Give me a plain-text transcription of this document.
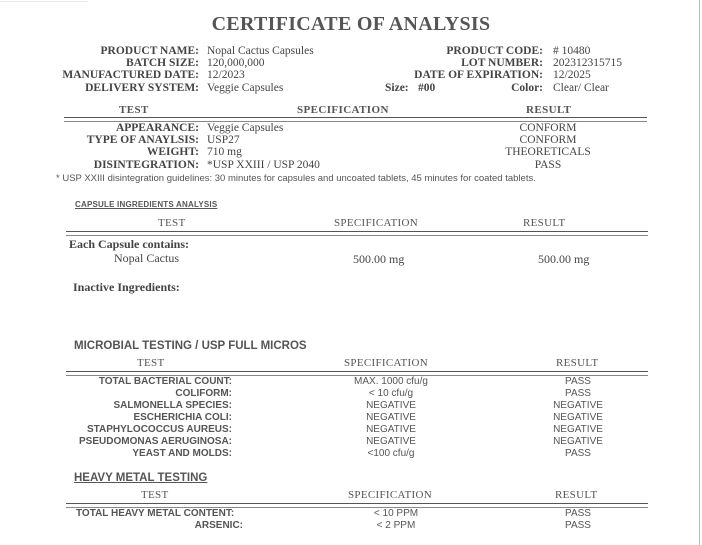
CERTIFICATE OF ANALYSIS
PRODUCT NAME: Nopal Cactus Capsules
BATCH SIZE: 120,000,000
MANUFACTURED DATE: 12/2023
DELIVERY SYSTEM: Veggie Capsules
PRODUCT CODE: # 10480
LOT NUMBER: 202312315715
DATE OF EXPIRATION: 12/2025
Size: #00	Color: Clear/ Clear
TEST	SPECIFICATION	RESULT
APPEARANCE: Veggie Capsules	CONFORM
TYPE OF ANAYLSIS: USP27	CONFORM
WEIGHT: 710 mg	THEORETICALS
DISINTEGRATION: *USP XXIII / USP 2040	PASS
* USP XXIII disintegration guidelines: 30 minutes for capsules and uncoated tablets, 45 minutes for coated tablets.
CAPSULE INGREDIENTS ANALYSIS
TEST	SPECIFICATION	RESULT
Each Capsule contains:
Nopal Cactus	500.00 mg	500.00 mg
Inactive Ingredients:
MICROBIAL TESTING / USP FULL MICROS
TEST	SPECIFICATION	RESULT
TOTAL BACTERIAL COUNT:	MAX. 1000 cfu/g	PASS
COLIFORM:	< 10 cfu/g	PASS
SALMONELLA SPECIES:	NEGATIVE	NEGATIVE
ESCHERICHIA COLI:	NEGATIVE	NEGATIVE
STAPHYLOCOCCUS AUREUS:	NEGATIVE	NEGATIVE
PSEUDOMONAS AERUGINOSA:	NEGATIVE	NEGATIVE
YEAST AND MOLDS:	<100 cfu/g	PASS
HEAVY METAL TESTING
TEST	SPECIFICATION	RESULT
TOTAL HEAVY METAL CONTENT:	< 10 PPM	PASS
ARSENIC:	< 2 PPM	PASS
